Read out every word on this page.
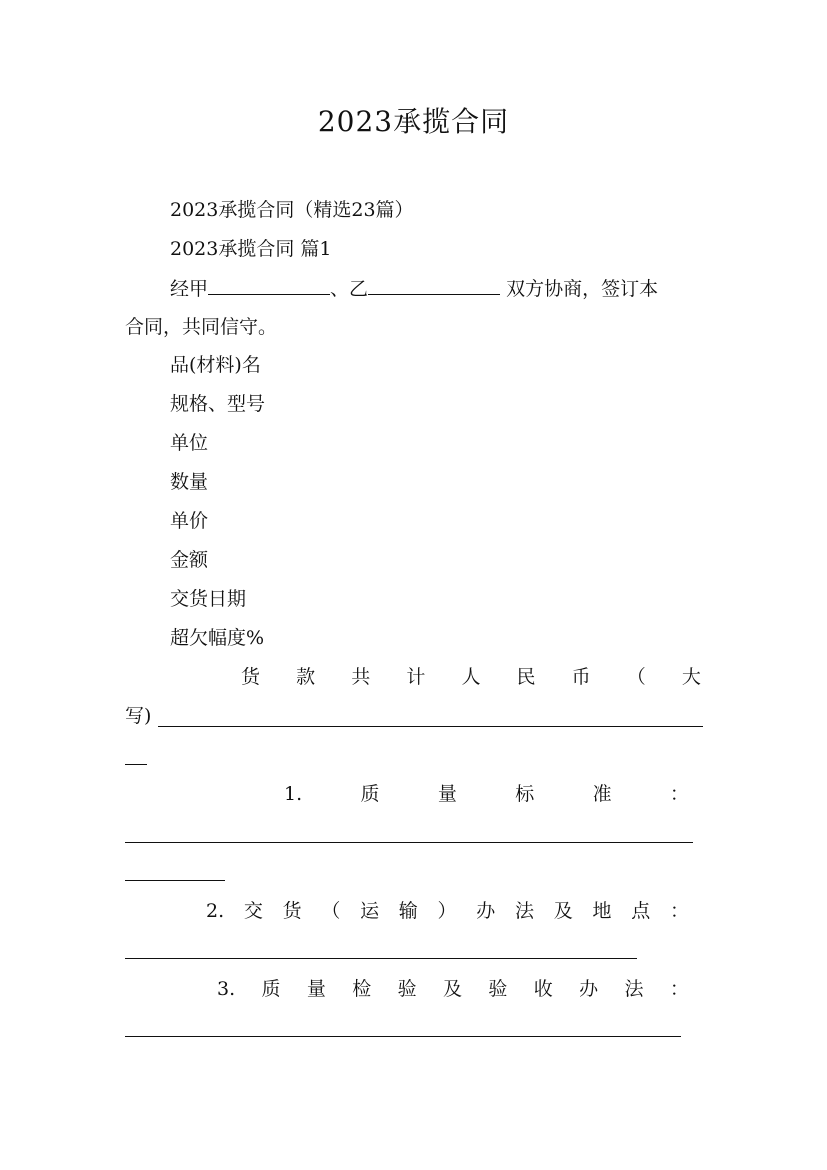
2023承揽合同
2023承揽合同（精选23篇）
2023承揽合同 篇1
经甲	、乙	双方协商，签订本
合同，共同信守。
品(材料)名
规格、型号
单位
数量
单价
金额
交货日期
超欠幅度%
货 款 共 计 人 民 币 （ 大
写)
1.	质	量	标	准	：
2. 交 货 （ 运 输 ） 办 法 及 地 点 ：
3. 质 量 检 验 及 验 收 办 法 ：
